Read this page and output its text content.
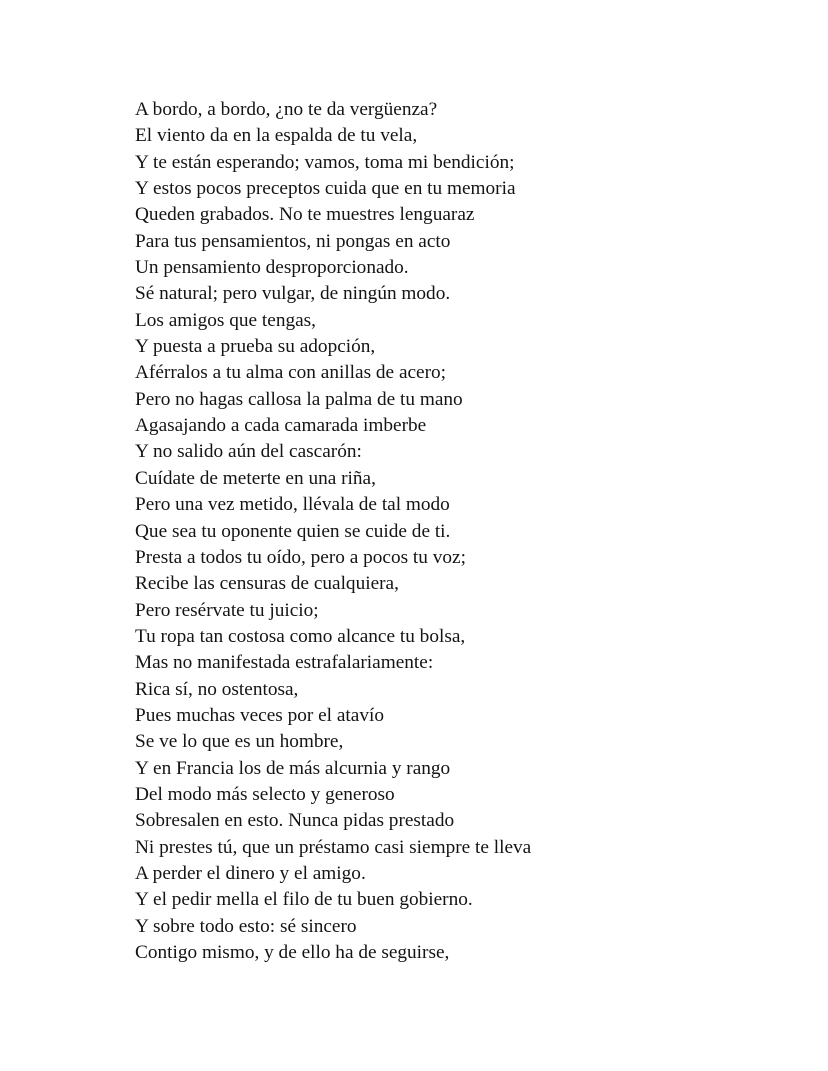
A bordo, a bordo, ¿no te da vergüenza?
El viento da en la espalda de tu vela,
Y te están esperando; vamos, toma mi bendición;
Y estos pocos preceptos cuida que en tu memoria
Queden grabados. No te muestres lenguaraz
Para tus pensamientos, ni pongas en acto
Un pensamiento desproporcionado.
Sé natural; pero vulgar, de ningún modo.
Los amigos que tengas,
Y puesta a prueba su adopción,
Aférralos a tu alma con anillas de acero;
Pero no hagas callosa la palma de tu mano
Agasajando a cada camarada imberbe
Y no salido aún del cascarón:
Cuídate de meterte en una riña,
Pero una vez metido, llévala de tal modo
Que sea tu oponente quien se cuide de ti.
Presta a todos tu oído, pero a pocos tu voz;
Recibe las censuras de cualquiera,
Pero resérvate tu juicio;
Tu ropa tan costosa como alcance tu bolsa,
Mas no manifestada estrafalariamente:
Rica sí, no ostentosa,
Pues muchas veces por el atavío
Se ve lo que es un hombre,
Y en Francia los de más alcurnia y rango
Del modo más selecto y generoso
Sobresalen en esto. Nunca pidas prestado
Ni prestes tú, que un préstamo casi siempre te lleva
A perder el dinero y el amigo.
Y el pedir mella el filo de tu buen gobierno.
Y sobre todo esto: sé sincero
Contigo mismo, y de ello ha de seguirse,
